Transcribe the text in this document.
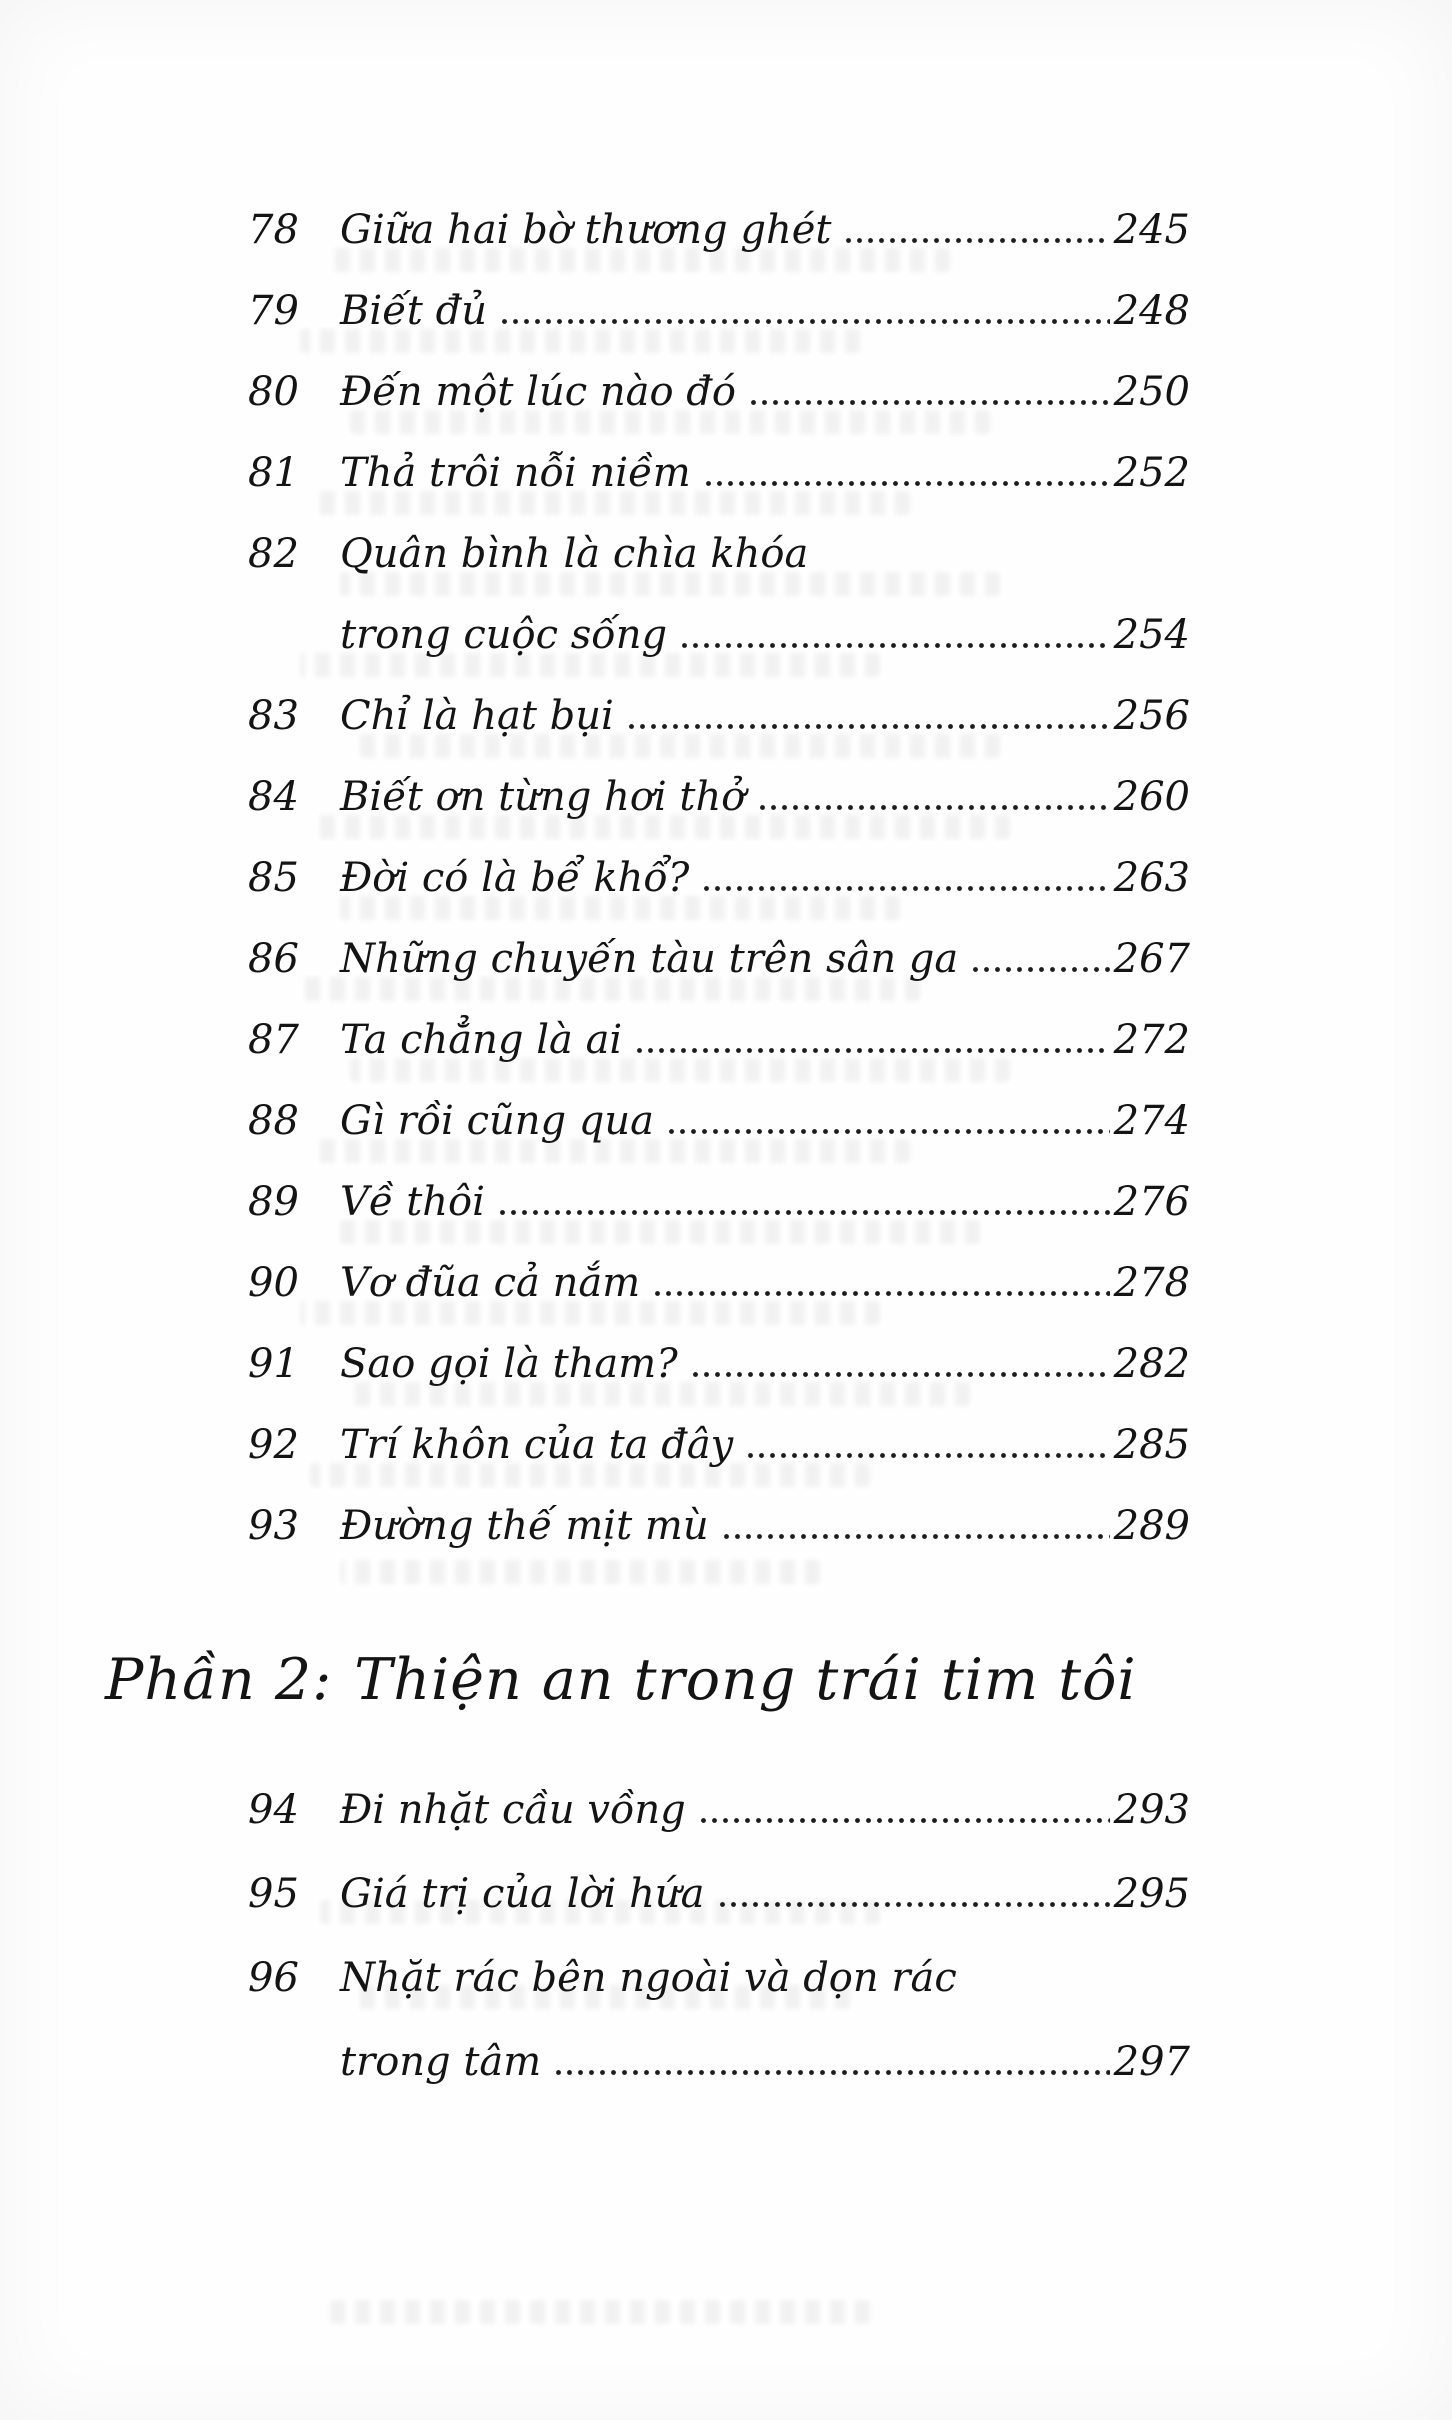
78	Giữa hai bờ thương ghét	245
79	Biết đủ	248
80	Đến một lúc nào đó	250
81	Thả trôi nỗi niềm	252
82	Quân bình là chìa khóa
trong cuộc sống	254
83	Chỉ là hạt bụi	256
84	Biết ơn từng hơi thở	260
85	Đời có là bể khổ?	263
86	Những chuyến tàu trên sân ga	267
87	Ta chẳng là ai	272
88	Gì rồi cũng qua	274
89	Về thôi	276
90	Vơ đũa cả nắm	278
91	Sao gọi là tham?	282
92	Trí khôn của ta đây	285
93	Đường thế mịt mù	289
Phần 2: Thiện an trong trái tim tôi
94	Đi nhặt cầu vồng	293
95	Giá trị của lời hứa	295
96	Nhặt rác bên ngoài và dọn rác
trong tâm	297
